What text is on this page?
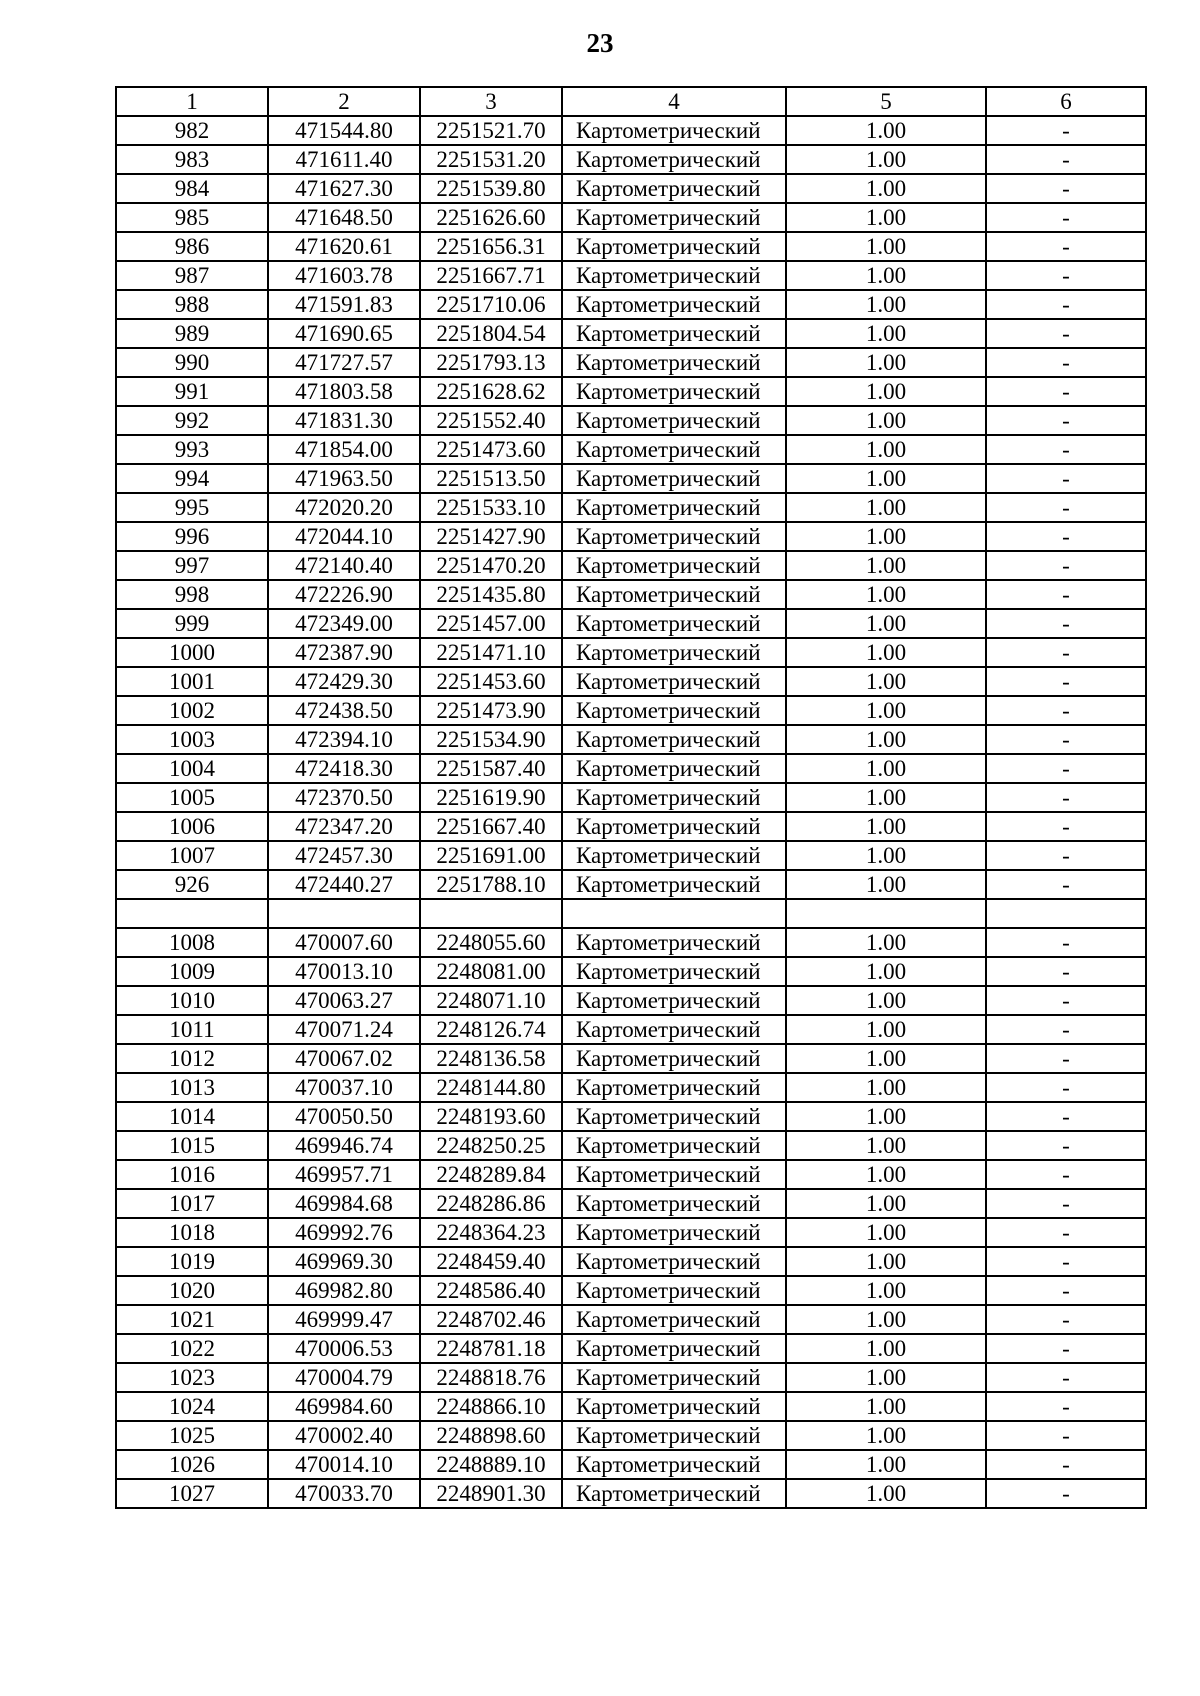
23
1	2	3	4	5	6
982	471544.80	2251521.70	Картометрический	1.00	-
983	471611.40	2251531.20	Картометрический	1.00	-
984	471627.30	2251539.80	Картометрический	1.00	-
985	471648.50	2251626.60	Картометрический	1.00	-
986	471620.61	2251656.31	Картометрический	1.00	-
987	471603.78	2251667.71	Картометрический	1.00	-
988	471591.83	2251710.06	Картометрический	1.00	-
989	471690.65	2251804.54	Картометрический	1.00	-
990	471727.57	2251793.13	Картометрический	1.00	-
991	471803.58	2251628.62	Картометрический	1.00	-
992	471831.30	2251552.40	Картометрический	1.00	-
993	471854.00	2251473.60	Картометрический	1.00	-
994	471963.50	2251513.50	Картометрический	1.00	-
995	472020.20	2251533.10	Картометрический	1.00	-
996	472044.10	2251427.90	Картометрический	1.00	-
997	472140.40	2251470.20	Картометрический	1.00	-
998	472226.90	2251435.80	Картометрический	1.00	-
999	472349.00	2251457.00	Картометрический	1.00	-
1000	472387.90	2251471.10	Картометрический	1.00	-
1001	472429.30	2251453.60	Картометрический	1.00	-
1002	472438.50	2251473.90	Картометрический	1.00	-
1003	472394.10	2251534.90	Картометрический	1.00	-
1004	472418.30	2251587.40	Картометрический	1.00	-
1005	472370.50	2251619.90	Картометрический	1.00	-
1006	472347.20	2251667.40	Картометрический	1.00	-
1007	472457.30	2251691.00	Картометрический	1.00	-
926	472440.27	2251788.10	Картометрический	1.00	-

1008	470007.60	2248055.60	Картометрический	1.00	-
1009	470013.10	2248081.00	Картометрический	1.00	-
1010	470063.27	2248071.10	Картометрический	1.00	-
1011	470071.24	2248126.74	Картометрический	1.00	-
1012	470067.02	2248136.58	Картометрический	1.00	-
1013	470037.10	2248144.80	Картометрический	1.00	-
1014	470050.50	2248193.60	Картометрический	1.00	-
1015	469946.74	2248250.25	Картометрический	1.00	-
1016	469957.71	2248289.84	Картометрический	1.00	-
1017	469984.68	2248286.86	Картометрический	1.00	-
1018	469992.76	2248364.23	Картометрический	1.00	-
1019	469969.30	2248459.40	Картометрический	1.00	-
1020	469982.80	2248586.40	Картометрический	1.00	-
1021	469999.47	2248702.46	Картометрический	1.00	-
1022	470006.53	2248781.18	Картометрический	1.00	-
1023	470004.79	2248818.76	Картометрический	1.00	-
1024	469984.60	2248866.10	Картометрический	1.00	-
1025	470002.40	2248898.60	Картометрический	1.00	-
1026	470014.10	2248889.10	Картометрический	1.00	-
1027	470033.70	2248901.30	Картометрический	1.00	-
